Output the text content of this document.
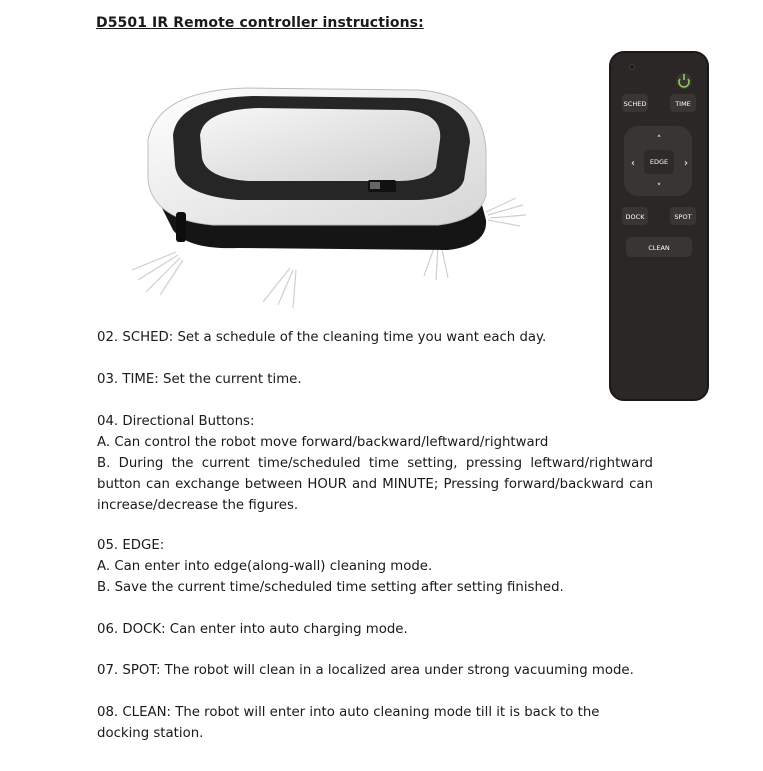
D5501 IR Remote controller instructions:
SCHED	TIME
EDGE
˄
˅
‹	›
DOCK	SPOT
CLEAN

02. SCHED: Set a schedule of the cleaning time you want each day.

03. TIME: Set the current time.

04. Directional Buttons:
A. Can control the robot move forward/backward/leftward/rightward
B. During the current time/scheduled time setting, pressing leftward/rightward button can exchange between HOUR and MINUTE; Pressing forward/backward can increase/decrease the figures.

05. EDGE:
A. Can enter into edge(along-wall) cleaning mode.
B. Save the current time/scheduled time setting after setting finished.

06. DOCK: Can enter into auto charging mode.

07. SPOT: The robot will clean in a localized area under strong vacuuming mode.

08. CLEAN: The robot will enter into auto cleaning mode till it is back to the docking station.
